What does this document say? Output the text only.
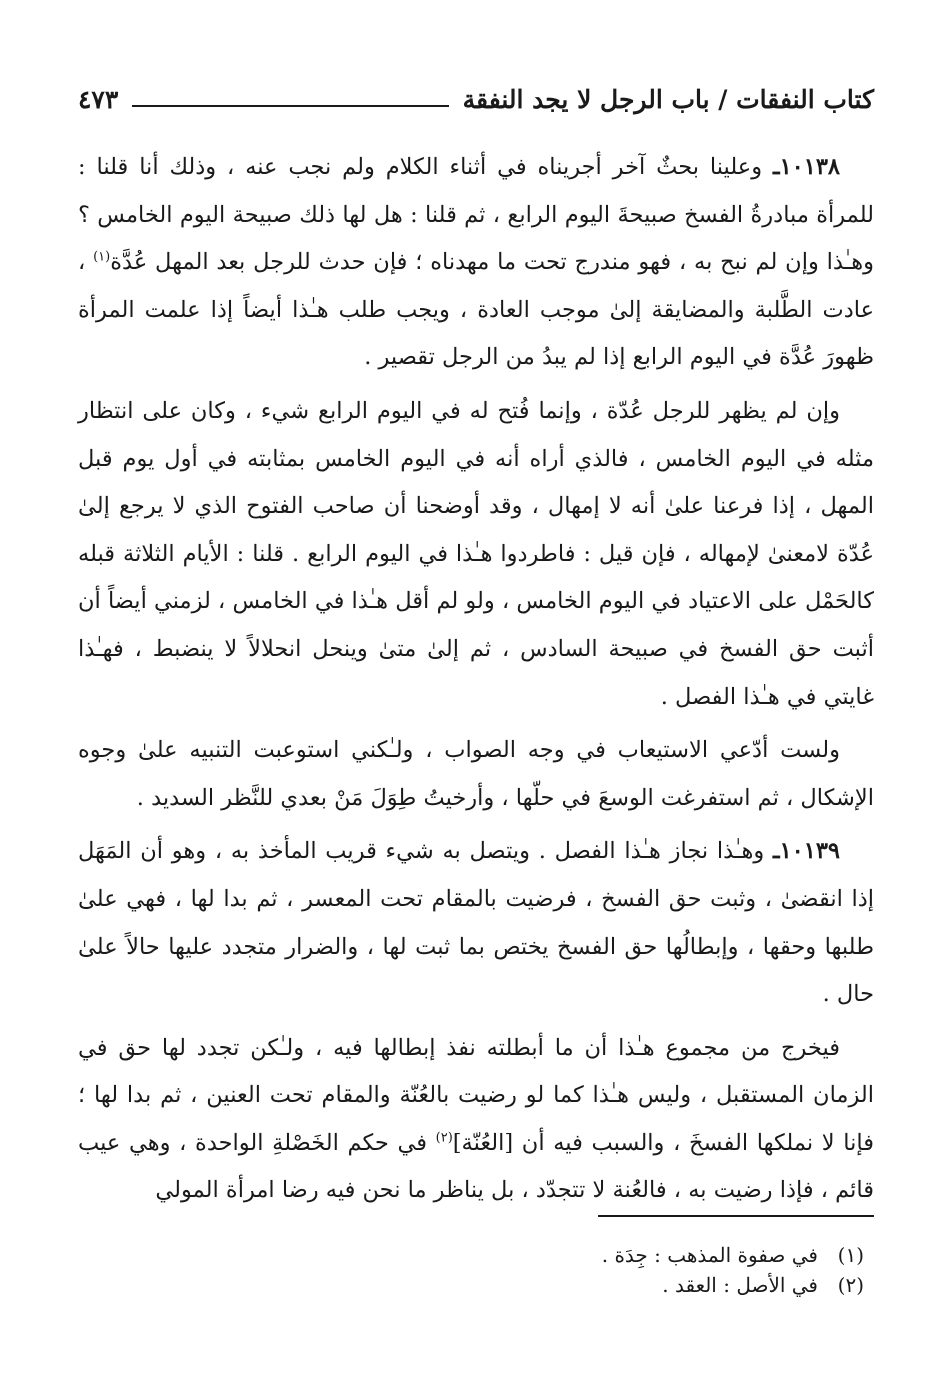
كتاب النفقات / باب الرجل لا يجد النفقة
٤٧٣

١٠١٣٨ـ وعلينا بحثٌ آخر أجريناه في أثناء الكلام ولم نجب عنه ، وذلك أنا قلنا : للمرأة مبادرةُ الفسخ صبيحةَ اليوم الرابع ، ثم قلنا : هل لها ذلك صبيحة اليوم الخامس ؟ وهـٰذا وإن لم نبح به ، فهو مندرج تحت ما مهدناه ؛ فإن حدث للرجل بعد المهل عُدَّة$^{(١)}$ ، عادت الطَّلبة والمضايقة إلىٰ موجب العادة ، ويجب طلب هـٰذا أيضاً إذا علمت المرأة ظهورَ عُدَّة في اليوم الرابع إذا لم يبدُ من الرجل تقصير .

وإن لم يظهر للرجل عُدّة ، وإنما فُتح له في اليوم الرابع شيء ، وكان على انتظار مثله في اليوم الخامس ، فالذي أراه أنه في اليوم الخامس بمثابته في أول يوم قبل المهل ، إذا فرعنا علىٰ أنه لا إمهال ، وقد أوضحنا أن صاحب الفتوح الذي لا يرجع إلىٰ عُدّة لامعنىٰ لإمهاله ، فإن قيل : فاطردوا هـٰذا في اليوم الرابع . قلنا : الأيام الثلاثة قبله كالحَمْل على الاعتياد في اليوم الخامس ، ولو لم أقل هـٰذا في الخامس ، لزمني أيضاً أن أثبت حق الفسخ في صبيحة السادس ، ثم إلىٰ متىٰ وينحل انحلالاً لا ينضبط ، فهـٰذا غايتي في هـٰذا الفصل .

ولست أدّعي الاستيعاب في وجه الصواب ، ولـٰكني استوعبت التنبيه علىٰ وجوه الإشكال ، ثم استفرغت الوسعَ في حلّها ، وأرخيتُ طِوَلَ مَنْ بعدي للنَّظر السديد .

١٠١٣٩ـ وهـٰذا نجاز هـٰذا الفصل . ويتصل به شيء قريب المأخذ به ، وهو أن المَهَل إذا انقضىٰ ، وثبت حق الفسخ ، فرضيت بالمقام تحت المعسر ، ثم بدا لها ، فهي علىٰ طلبها وحقها ، وإبطالُها حق الفسخ يختص بما ثبت لها ، والضرار متجدد عليها حالاً علىٰ حال .

فيخرج من مجموع هـٰذا أن ما أبطلته نفذ إبطالها فيه ، ولـٰكن تجدد لها حق في الزمان المستقبل ، وليس هـٰذا كما لو رضيت بالعُنّة والمقام تحت العنين ، ثم بدا لها ؛ فإنا لا نملكها الفسخَ ، والسبب فيه أن [العُنّة]$^{(٢)}$ في حكم الخَصْلةِ الواحدة ، وهي عيب قائم ، فإذا رضيت به ، فالعُنة لا تتجدّد ، بل يناظر ما نحن فيه رضا امرأة المولي

(١)
في صفوة المذهب : جِدَة .
(٢)
في الأصل : العقد .
